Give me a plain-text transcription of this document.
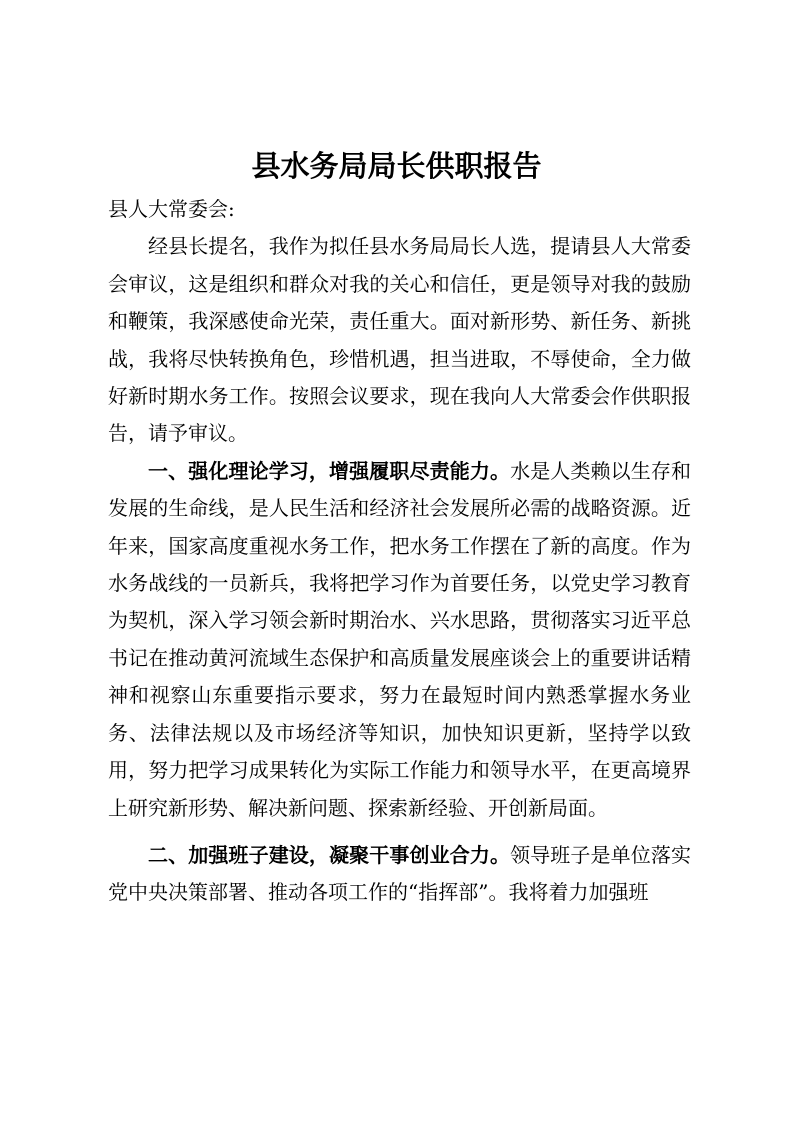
县水务局局长供职报告

县人大常委会:

经县长提名，我作为拟任县水务局局长人选，提请县人大常委会审议，这是组织和群众对我的关心和信任，更是领导对我的鼓励和鞭策，我深感使命光荣，责任重大。面对新形势、新任务、新挑战，我将尽快转换角色，珍惜机遇，担当进取，不辱使命，全力做好新时期水务工作。按照会议要求，现在我向人大常委会作供职报告，请予审议。

一、强化理论学习，增强履职尽责能力。水是人类赖以生存和发展的生命线，是人民生活和经济社会发展所必需的战略资源。近年来，国家高度重视水务工作，把水务工作摆在了新的高度。作为水务战线的一员新兵，我将把学习作为首要任务，以党史学习教育为契机，深入学习领会新时期治水、兴水思路，贯彻落实习近平总书记在推动黄河流域生态保护和高质量发展座谈会上的重要讲话精神和视察山东重要指示要求，努力在最短时间内熟悉掌握水务业务、法律法规以及市场经济等知识，加快知识更新，坚持学以致用，努力把学习成果转化为实际工作能力和领导水平，在更高境界上研究新形势、解决新问题、探索新经验、开创新局面。

二、加强班子建设，凝聚干事创业合力。领导班子是单位落实党中央决策部署、推动各项工作的“指挥部”。我将着力加强班
